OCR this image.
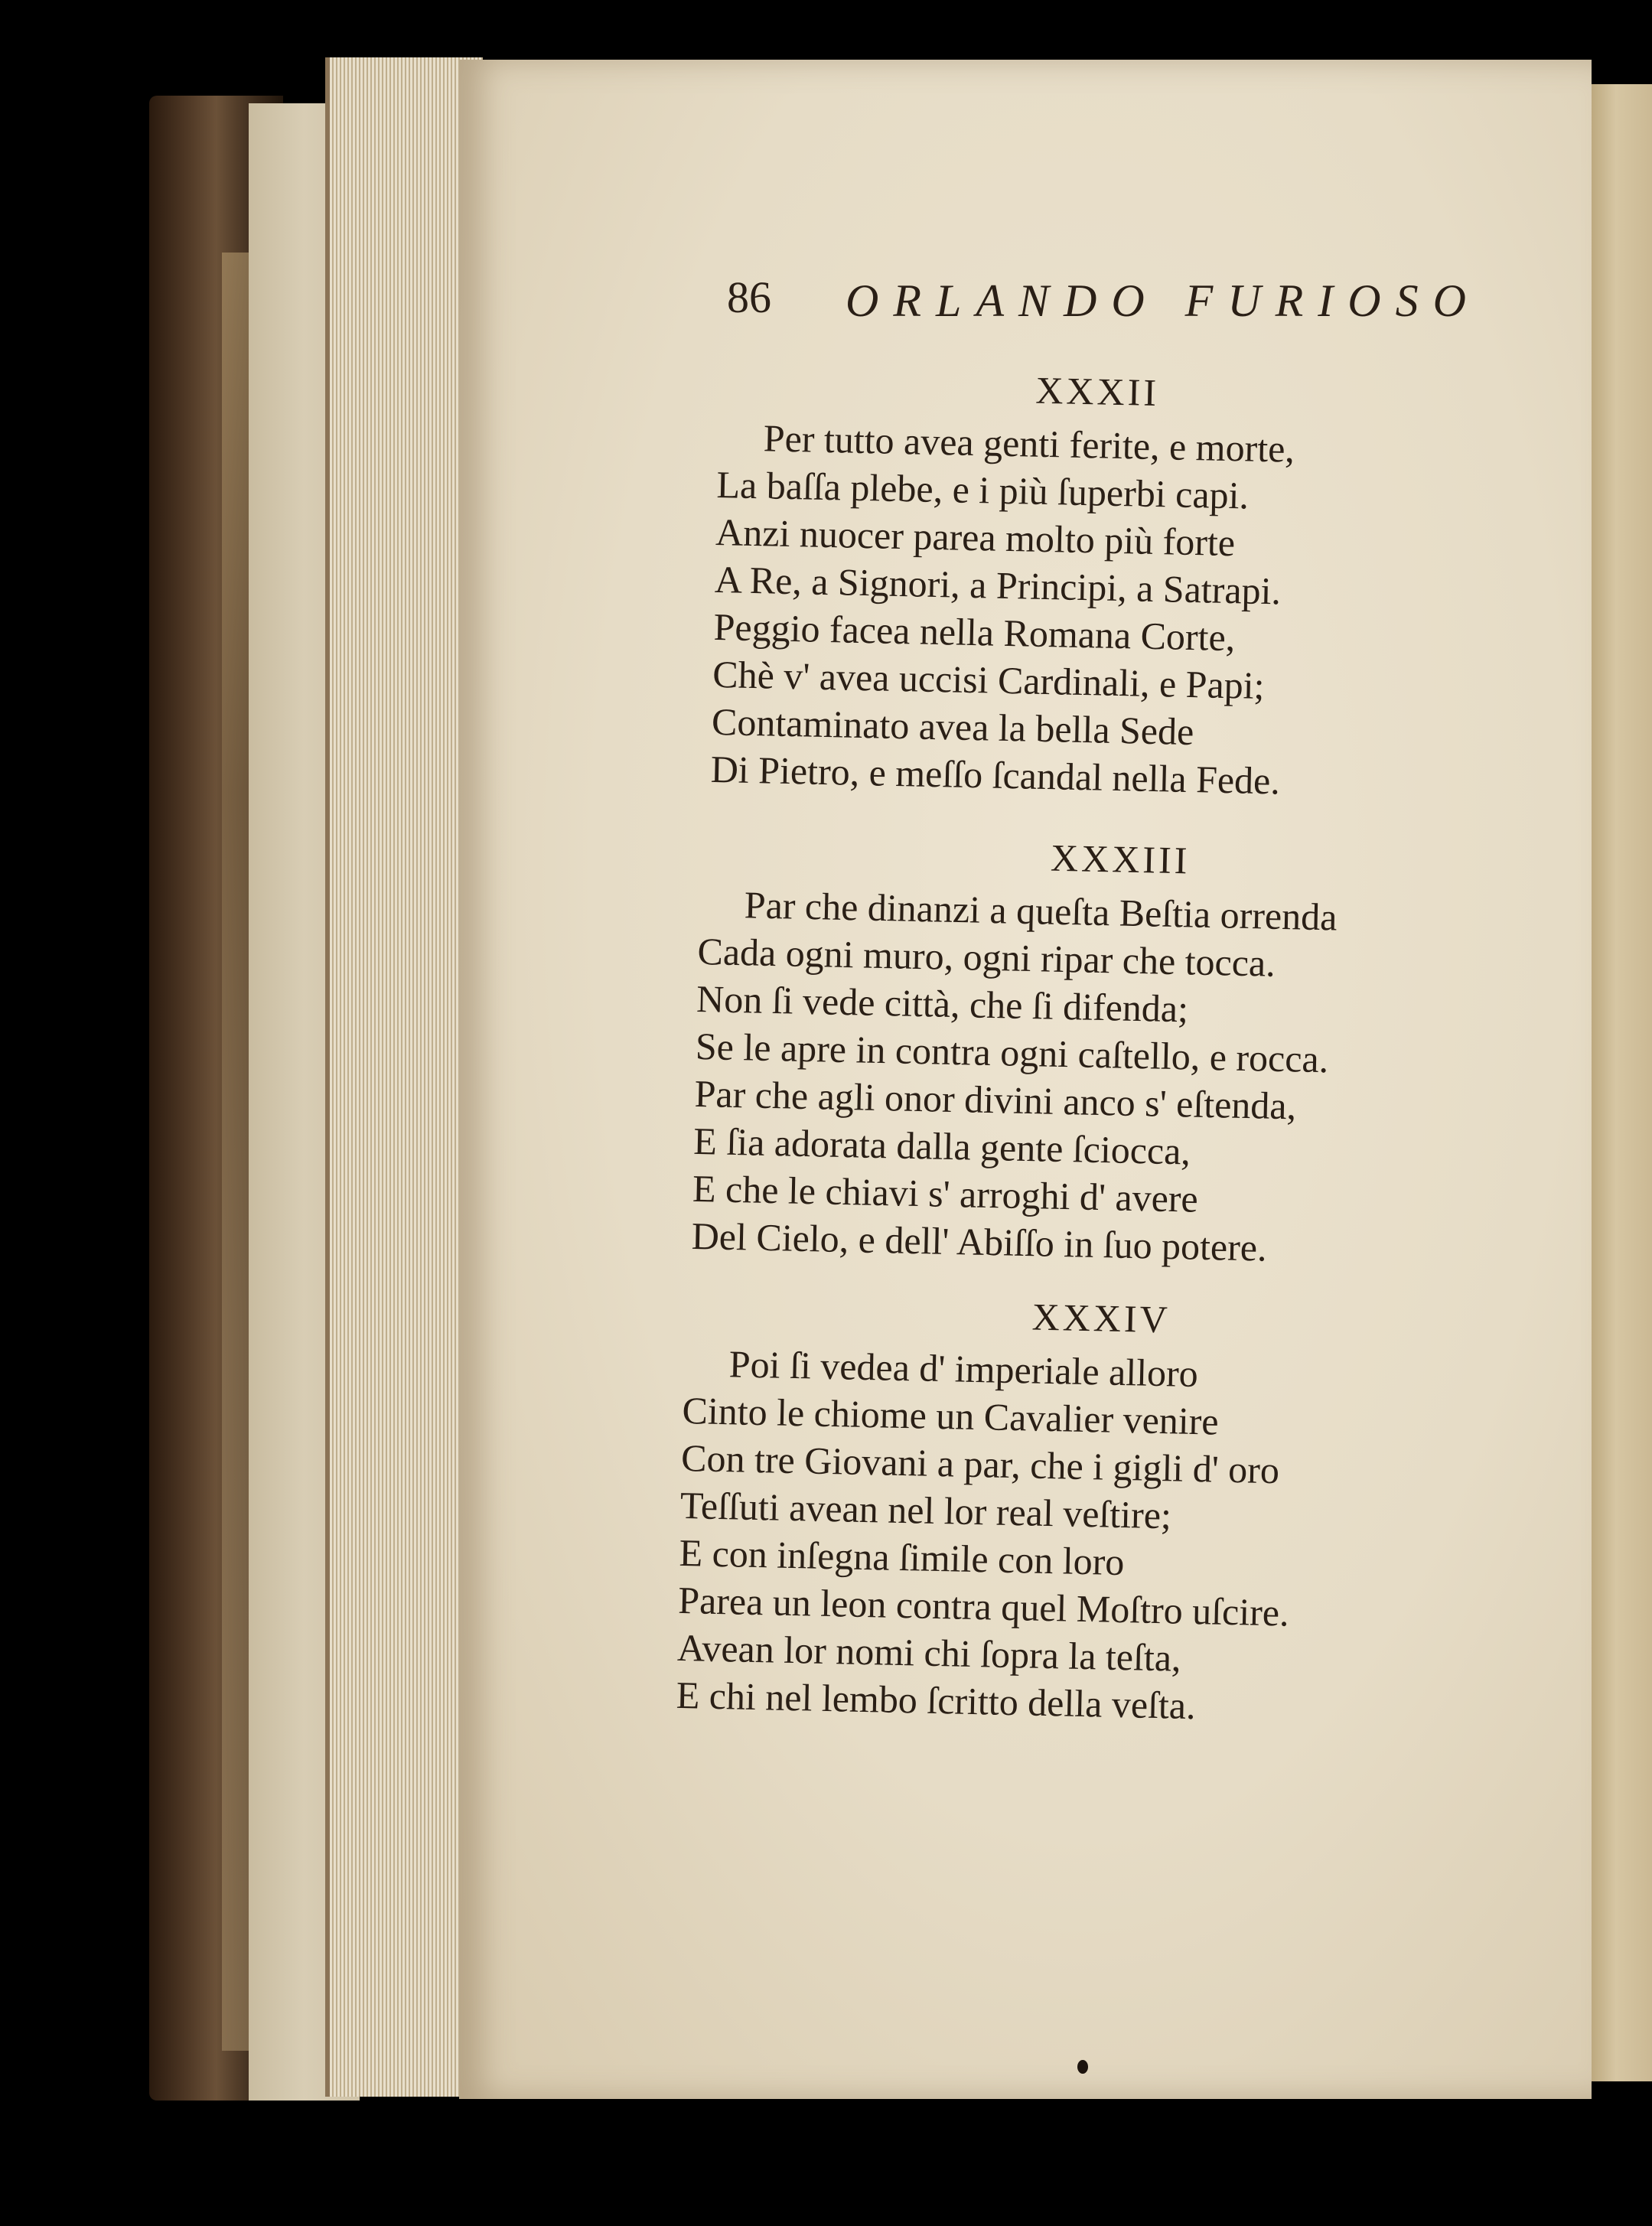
86 ORLANDO FURIOSO
XXXII
Per tutto avea genti ferite, e morte,
La baſſa plebe, e i più ſuperbi capi.
Anzi nuocer parea molto più forte
A Re, a Signori, a Principi, a Satrapi.
Peggio facea nella Romana Corte,
Chè v' avea uccisi Cardinali, e Papi;
Contaminato avea la bella Sede
Di Pietro, e meſſo ſcandal nella Fede.
XXXIII
Par che dinanzi a queſta Beſtia orrenda
Cada ogni muro, ogni ripar che tocca.
Non ſi vede città, che ſi difenda;
Se le apre in contra ogni caſtello, e rocca.
Par che agli onor divini anco s' eſtenda,
E ſia adorata dalla gente ſciocca,
E che le chiavi s' arroghi d' avere
Del Cielo, e dell' Abiſſo in ſuo potere.
XXXIV
Poi ſi vedea d' imperiale alloro
Cinto le chiome un Cavalier venire
Con tre Giovani a par, che i gigli d' oro
Teſſuti avean nel lor real veſtire;
E con inſegna ſimile con loro
Parea un leon contra quel Moſtro uſcire.
Avean lor nomi chi ſopra la teſta,
E chi nel lembo ſcritto della veſta.
